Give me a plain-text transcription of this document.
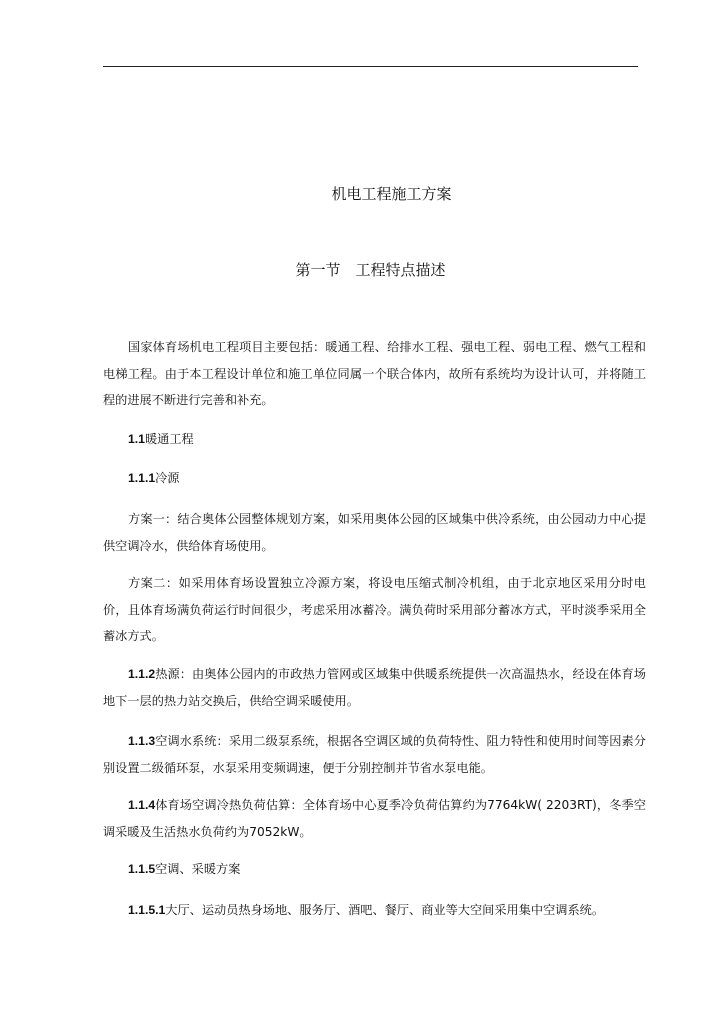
机电工程施工方案
第一节　工程特点描述

国家体育场机电工程项目主要包括：暖通工程、给排水工程、强电工程、弱电工程、燃气工程和电梯工程。由于本工程设计单位和施工单位同属一个联合体内，故所有系统均为设计认可，并将随工程的进展不断进行完善和补充。

1.1暖通工程

1.1.1冷源

方案一：结合奥体公园整体规划方案，如采用奥体公园的区域集中供冷系统，由公园动力中心提供空调冷水，供给体育场使用。

方案二：如采用体育场设置独立冷源方案，将设电压缩式制冷机组，由于北京地区采用分时电价，且体育场满负荷运行时间很少，考虑采用冰蓄冷。满负荷时采用部分蓄冰方式，平时淡季采用全蓄冰方式。

1.1.2热源：由奥体公园内的市政热力管网或区域集中供暖系统提供一次高温热水，经设在体育场地下一层的热力站交换后，供给空调采暖使用。

1.1.3空调水系统：采用二级泵系统，根据各空调区域的负荷特性、阻力特性和使用时间等因素分别设置二级循环泵，水泵采用变频调速，便于分别控制并节省水泵电能。

1.1.4体育场空调冷热负荷估算：全体育场中心夏季冷负荷估算约为7764kW( 2203RT)，冬季空调采暖及生活热水负荷约为7052kW。

1.1.5空调、采暖方案

1.1.5.1大厅、运动员热身场地、服务厅、酒吧、餐厅、商业等大空间采用集中空调系统。
